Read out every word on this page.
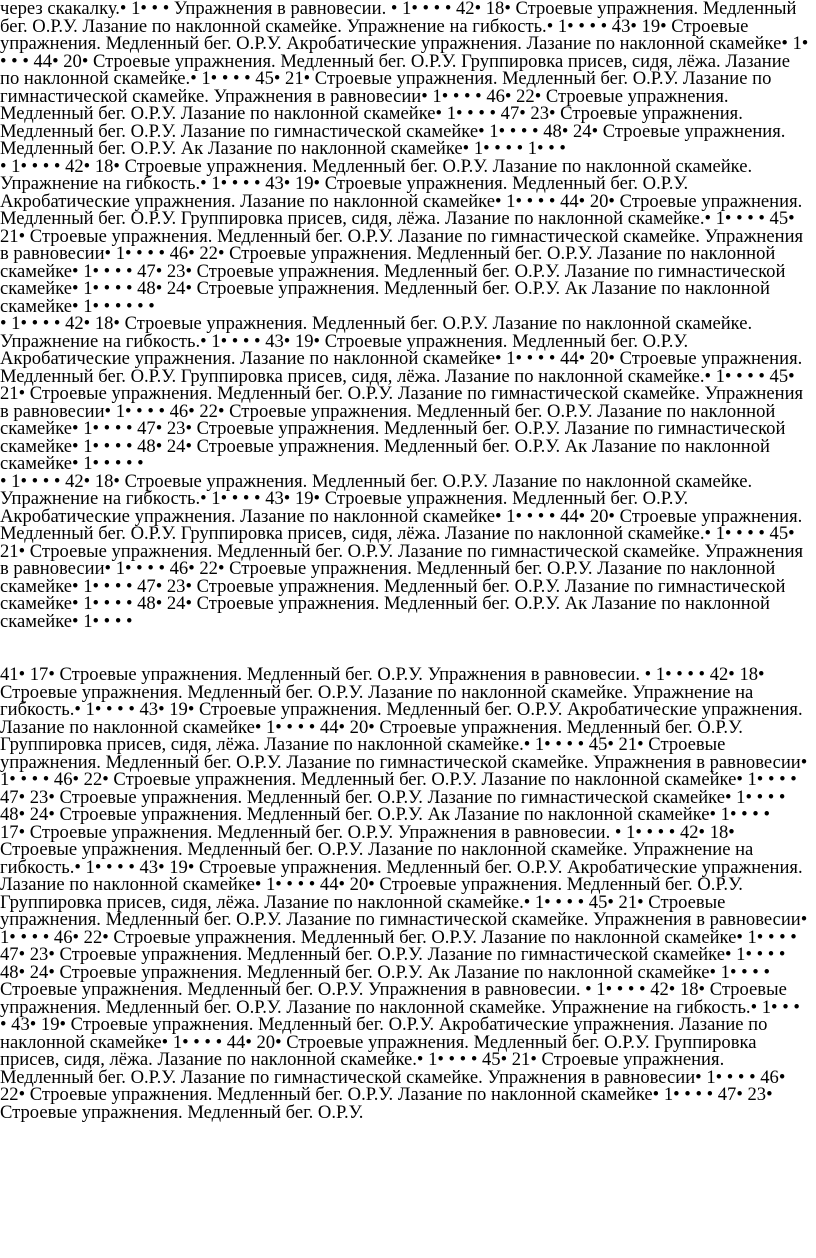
через скакалку.• 1• • • Упражнения в равновесии. • 1• • • • 42• 18• Строевые упражнения. Медленный бег. О.Р.У. Лазание по наклонной скамейке. Упражнение на гибкость.• 1• • • • 43• 19• Строевые упражнения. Медленный бег. О.Р.У. Акробатические упражнения. Лазание по наклонной скамейке• 1• • • • 44• 20• Строевые упражнения. Медленный бег. О.Р.У. Группировка присев, сидя, лёжа. Лазание по наклонной скамейке.• 1• • • • 45• 21• Строевые упражнения. Медленный бег. О.Р.У. Лазание по гимнастической скамейке. Упражнения в равновесии• 1• • • • 46• 22• Строевые упражнения. Медленный бег. О.Р.У. Лазание по наклонной скамейке• 1• • • • 47• 23• Строевые упражнения. Медленный бег. О.Р.У. Лазание по гимнастической скамейке• 1• • • • 48• 24• Строевые упражнения. Медленный бег. О.Р.У. Ак Лазание по наклонной скамейке• 1• • • • 1• • •

• 1• • • • 42• 18• Строевые упражнения. Медленный бег. О.Р.У. Лазание по наклонной скамейке. Упражнение на гибкость.• 1• • • • 43• 19• Строевые упражнения. Медленный бег. О.Р.У. Акробатические упражнения. Лазание по наклонной скамейке• 1• • • • 44• 20• Строевые упражнения. Медленный бег. О.Р.У. Группировка присев, сидя, лёжа. Лазание по наклонной скамейке.• 1• • • • 45• 21• Строевые упражнения. Медленный бег. О.Р.У. Лазание по гимнастической скамейке. Упражнения в равновесии• 1• • • • 46• 22• Строевые упражнения. Медленный бег. О.Р.У. Лазание по наклонной скамейке• 1• • • • 47• 23• Строевые упражнения. Медленный бег. О.Р.У. Лазание по гимнастической скамейке• 1• • • • 48• 24• Строевые упражнения. Медленный бег. О.Р.У. Ак Лазание по наклонной скамейке• 1• • • • • •

• 1• • • • 42• 18• Строевые упражнения. Медленный бег. О.Р.У. Лазание по наклонной скамейке. Упражнение на гибкость.• 1• • • • 43• 19• Строевые упражнения. Медленный бег. О.Р.У. Акробатические упражнения. Лазание по наклонной скамейке• 1• • • • 44• 20• Строевые упражнения. Медленный бег. О.Р.У. Группировка присев, сидя, лёжа. Лазание по наклонной скамейке.• 1• • • • 45• 21• Строевые упражнения. Медленный бег. О.Р.У. Лазание по гимнастической скамейке. Упражнения в равновесии• 1• • • • 46• 22• Строевые упражнения. Медленный бег. О.Р.У. Лазание по наклонной скамейке• 1• • • • 47• 23• Строевые упражнения. Медленный бег. О.Р.У. Лазание по гимнастической скамейке• 1• • • • 48• 24• Строевые упражнения. Медленный бег. О.Р.У. Ак Лазание по наклонной скамейке• 1• • • • •

• 1• • • • 42• 18• Строевые упражнения. Медленный бег. О.Р.У. Лазание по наклонной скамейке. Упражнение на гибкость.• 1• • • • 43• 19• Строевые упражнения. Медленный бег. О.Р.У. Акробатические упражнения. Лазание по наклонной скамейке• 1• • • • 44• 20• Строевые упражнения. Медленный бег. О.Р.У. Группировка присев, сидя, лёжа. Лазание по наклонной скамейке.• 1• • • • 45• 21• Строевые упражнения. Медленный бег. О.Р.У. Лазание по гимнастической скамейке. Упражнения в равновесии• 1• • • • 46• 22• Строевые упражнения. Медленный бег. О.Р.У. Лазание по наклонной скамейке• 1• • • • 47• 23• Строевые упражнения. Медленный бег. О.Р.У. Лазание по гимнастической скамейке• 1• • • • 48• 24• Строевые упражнения. Медленный бег. О.Р.У. Ак Лазание по наклонной скамейке• 1• • • •

41• 17• Строевые упражнения. Медленный бег. О.Р.У. Упражнения в равновесии. • 1• • • • 42• 18• Строевые упражнения. Медленный бег. О.Р.У. Лазание по наклонной скамейке. Упражнение на гибкость.• 1• • • • 43• 19• Строевые упражнения. Медленный бег. О.Р.У. Акробатические упражнения. Лазание по наклонной скамейке• 1• • • • 44• 20• Строевые упражнения. Медленный бег. О.Р.У. Группировка присев, сидя, лёжа. Лазание по наклонной скамейке.• 1• • • • 45• 21• Строевые упражнения. Медленный бег. О.Р.У. Лазание по гимнастической скамейке. Упражнения в равновесии• 1• • • • 46• 22• Строевые упражнения. Медленный бег. О.Р.У. Лазание по наклонной скамейке• 1• • • • 47• 23• Строевые упражнения. Медленный бег. О.Р.У. Лазание по гимнастической скамейке• 1• • • • 48• 24• Строевые упражнения. Медленный бег. О.Р.У. Ак Лазание по наклонной скамейке• 1• • • •

17• Строевые упражнения. Медленный бег. О.Р.У. Упражнения в равновесии. • 1• • • • 42• 18• Строевые упражнения. Медленный бег. О.Р.У. Лазание по наклонной скамейке. Упражнение на гибкость.• 1• • • • 43• 19• Строевые упражнения. Медленный бег. О.Р.У. Акробатические упражнения. Лазание по наклонной скамейке• 1• • • • 44• 20• Строевые упражнения. Медленный бег. О.Р.У. Группировка присев, сидя, лёжа. Лазание по наклонной скамейке.• 1• • • • 45• 21• Строевые упражнения. Медленный бег. О.Р.У. Лазание по гимнастической скамейке. Упражнения в равновесии• 1• • • • 46• 22• Строевые упражнения. Медленный бег. О.Р.У. Лазание по наклонной скамейке• 1• • • • 47• 23• Строевые упражнения. Медленный бег. О.Р.У. Лазание по гимнастической скамейке• 1• • • • 48• 24• Строевые упражнения. Медленный бег. О.Р.У. Ак Лазание по наклонной скамейке• 1• • • •

Строевые упражнения. Медленный бег. О.Р.У. Упражнения в равновесии. • 1• • • • 42• 18• Строевые упражнения. Медленный бег. О.Р.У. Лазание по наклонной скамейке. Упражнение на гибкость.• 1• • • • 43• 19• Строевые упражнения. Медленный бег. О.Р.У. Акробатические упражнения. Лазание по наклонной скамейке• 1• • • • 44• 20• Строевые упражнения. Медленный бег. О.Р.У. Группировка присев, сидя, лёжа. Лазание по наклонной скамейке.• 1• • • • 45• 21• Строевые упражнения. Медленный бег. О.Р.У. Лазание по гимнастической скамейке. Упражнения в равновесии• 1• • • • 46• 22• Строевые упражнения. Медленный бег. О.Р.У. Лазание по наклонной скамейке• 1• • • • 47• 23• Строевые упражнения. Медленный бег. О.Р.У.
